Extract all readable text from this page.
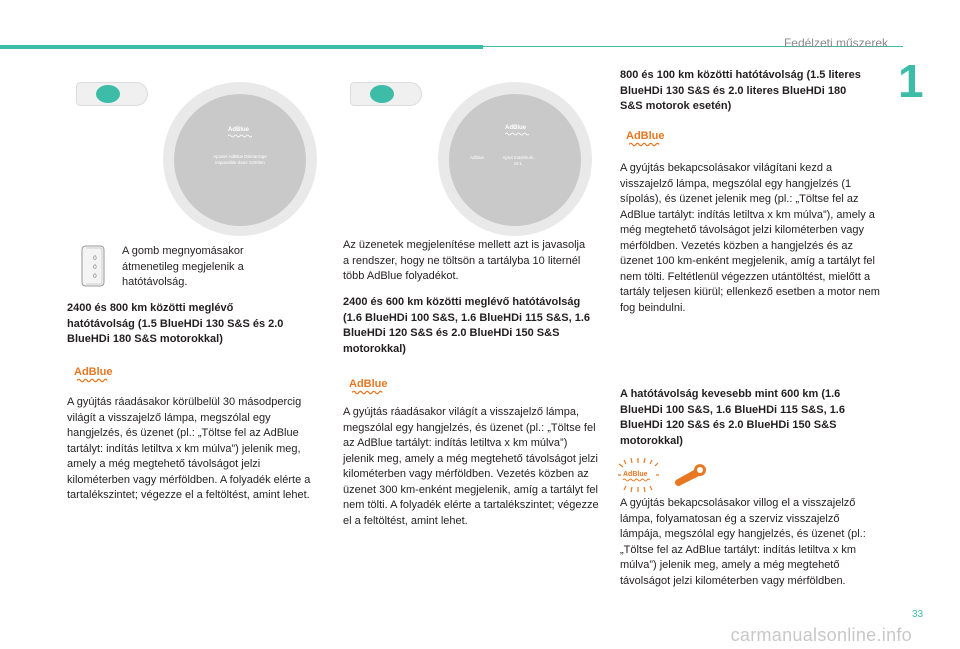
Fedélzeti műszerek
1
AdBlue
Ajouter AdBlue Démarrage impossible dans 1200km
AdBlue
Adblue	Ajout maximum 19 L
0
0
0
A gomb megnyomásakor átmenetileg megjelenik a hatótávolság.
2400 és 800 km közötti meglévő hatótávolság (1.5 BlueHDi 130 S&S és 2.0 BlueHDi 180 S&S motorokkal)
AdBlue
A gyújtás ráadásakor körülbelül 30 másodpercig világít a visszajelző lámpa, megszólal egy hangjelzés, és üzenet (pl.: „Töltse fel az AdBlue tartályt: indítás letiltva x km múlva”) jelenik meg, amely a még megtehető távolságot jelzi kilométerben vagy mérföldben. A folyadék elérte a tartalékszintet; végezze el a feltöltést, amint lehet.
Az üzenetek megjelenítése mellett azt is javasolja a rendszer, hogy ne töltsön a tartályba 10 liternél több AdBlue folyadékot.
2400 és 600 km közötti meglévő hatótávolság (1.6 BlueHDi 100 S&S, 1.6 BlueHDi 115 S&S, 1.6 BlueHDi 120 S&S és 2.0 BlueHDi 150 S&S motorokkal)
AdBlue
A gyújtás ráadásakor világít a visszajelző lámpa, megszólal egy hangjelzés, és üzenet (pl.: „Töltse fel az AdBlue tartályt: indítás letiltva x km múlva”) jelenik meg, amely a még megtehető távolságot jelzi kilométerben vagy mérföldben. Vezetés közben az üzenet 300 km-enként megjelenik, amíg a tartályt fel nem tölti. A folyadék elérte a tartalékszintet; végezze el a feltöltést, amint lehet.
800 és 100 km közötti hatótávolság (1.5 literes BlueHDi 130 S&S és 2.0 literes BlueHDi 180 S&S motorok esetén)
AdBlue
A gyújtás bekapcsolásakor világítani kezd a visszajelző lámpa, megszólal egy hangjelzés (1 sípolás), és üzenet jelenik meg (pl.: „Töltse fel az AdBlue tartályt: indítás letiltva x km múlva”), amely a még megtehető távolságot jelzi kilométerben vagy mérföldben. Vezetés közben a hangjelzés és az üzenet 100 km-enként megjelenik, amíg a tartályt fel nem tölti. Feltétlenül végezzen utántöltést, mielőtt a tartály teljesen kiürül; ellenkező esetben a motor nem fog beindulni.
A hatótávolság kevesebb mint 600 km (1.6 BlueHDi 100 S&S, 1.6 BlueHDi 115 S&S, 1.6 BlueHDi 120 S&S és 2.0 BlueHDi 150 S&S motorokkal)
AdBlue
A gyújtás bekapcsolásakor villog el a visszajelző lámpa, folyamatosan ég a szerviz visszajelző lámpája, megszólal egy hangjelzés, és üzenet (pl.: „Töltse fel az AdBlue tartályt: indítás letiltva x km múlva”) jelenik meg, amely a még megtehető távolságot jelzi kilométerben vagy mérföldben.
33
carmanualsonline.info
